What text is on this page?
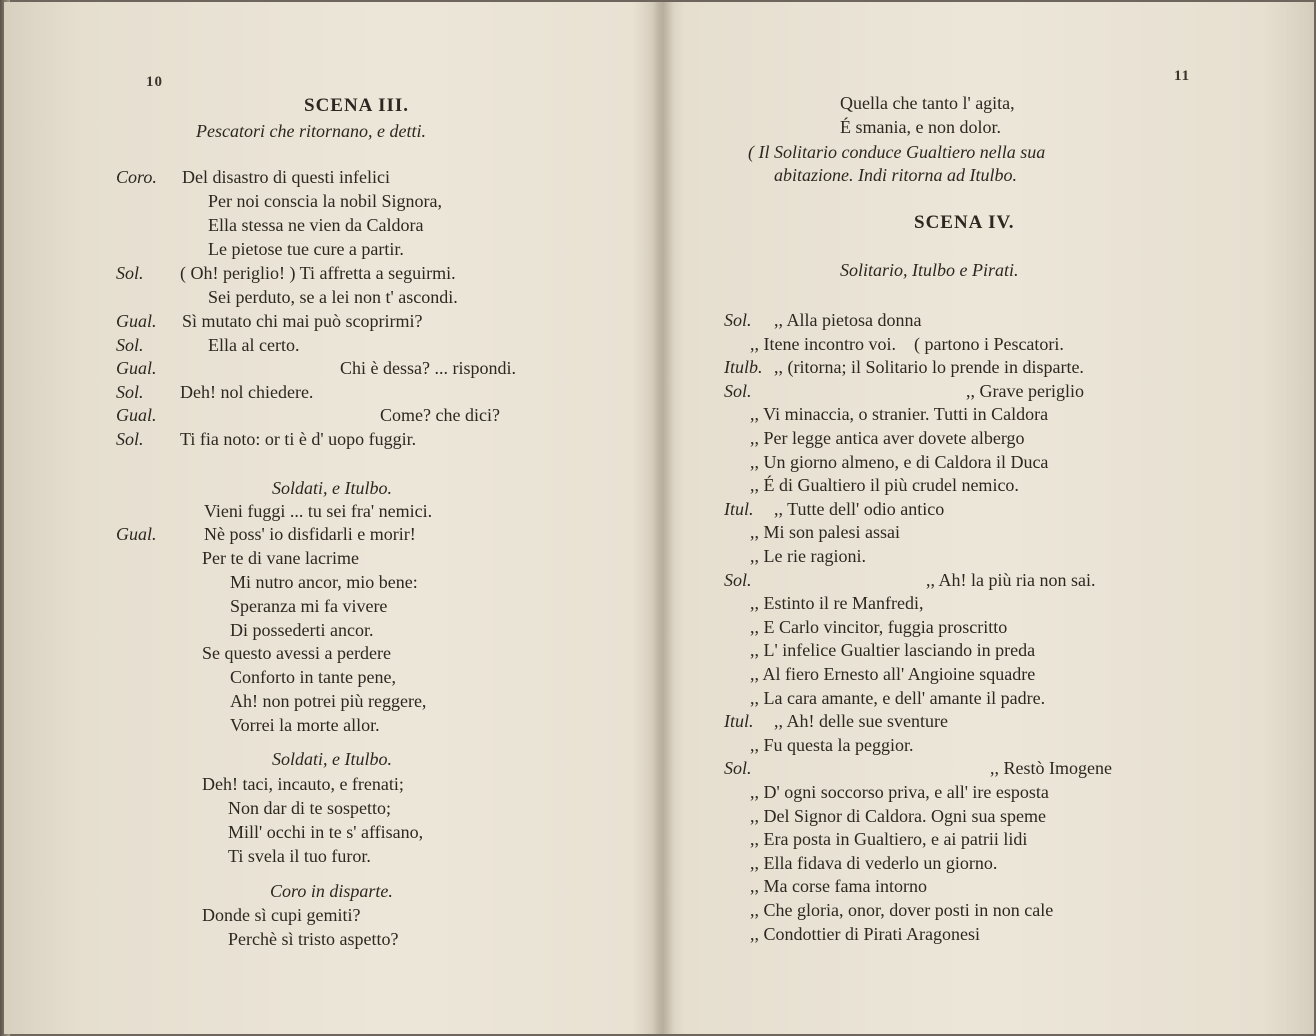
10
SCENA III.
Pescatori che ritornano, e detti.
Coro. Del disastro di questi infelici
Per noi conscia la nobil Signora,
Ella stessa ne vien da Caldora
Le pietose tue cure a partir.
Sol. ( Oh! periglio! ) Ti affretta a seguirmi.
Sei perduto, se a lei non t' ascondi.
Gual. Sì mutato chi mai può scoprirmi?
Sol.	Ella al certo.
Gual.	Chi è dessa? ... rispondi.
Sol. Deh! nol chiedere.
Gual.	Come? che dici?
Sol. Ti fia noto: or ti è d' uopo fuggir.
Soldati, e Itulbo.
Vieni fuggi ... tu sei fra' nemici.
Gual.	Nè poss' io disfidarli e morir!
Per te di vane lacrime
Mi nutro ancor, mio bene:
Speranza mi fa vivere
Di possederti ancor.
Se questo avessi a perdere
Conforto in tante pene,
Ah! non potrei più reggere,
Vorrei la morte allor.
Soldati, e Itulbo.
Deh! taci, incauto, e frenati;
Non dar di te sospetto;
Mill' occhi in te s' affisano,
Ti svela il tuo furor.
Coro in disparte.
Donde sì cupi gemiti?
Perchè sì tristo aspetto?
11
Quella che tanto l' agita,
É smania, e non dolor.
( Il Solitario conduce Gualtiero nella sua
abitazione. Indi ritorna ad Itulbo.
SCENA IV.
Solitario, Itulbo e Pirati.
Sol. ,, Alla pietosa donna
,, Itene incontro voi.    ( partono i Pescatori.
Itulb. ,, (ritorna; il Solitario lo prende in disparte.
Sol.	,, Grave periglio
,, Vi minaccia, o stranier. Tutti in Caldora
,, Per legge antica aver dovete albergo
,, Un giorno almeno, e di Caldora il Duca
,, É di Gualtiero il più crudel nemico.
Itul. ,, Tutte dell' odio antico
,, Mi son palesi assai
,, Le rie ragioni.
Sol.	,, Ah! la più ria non sai.
,, Estinto il re Manfredi,
,, E Carlo vincitor, fuggia proscritto
,, L' infelice Gualtier lasciando in preda
,, Al fiero Ernesto all' Angioine squadre
,, La cara amante, e dell' amante il padre.
Itul. ,, Ah! delle sue sventure
,, Fu questa la peggior.
Sol.	,, Restò Imogene
,, D' ogni soccorso priva, e all' ire esposta
,, Del Signor di Caldora. Ogni sua speme
,, Era posta in Gualtiero, e ai patrii lidi
,, Ella fidava di vederlo un giorno.
,, Ma corse fama intorno
,, Che gloria, onor, dover posti in non cale
,, Condottier di Pirati Aragonesi
